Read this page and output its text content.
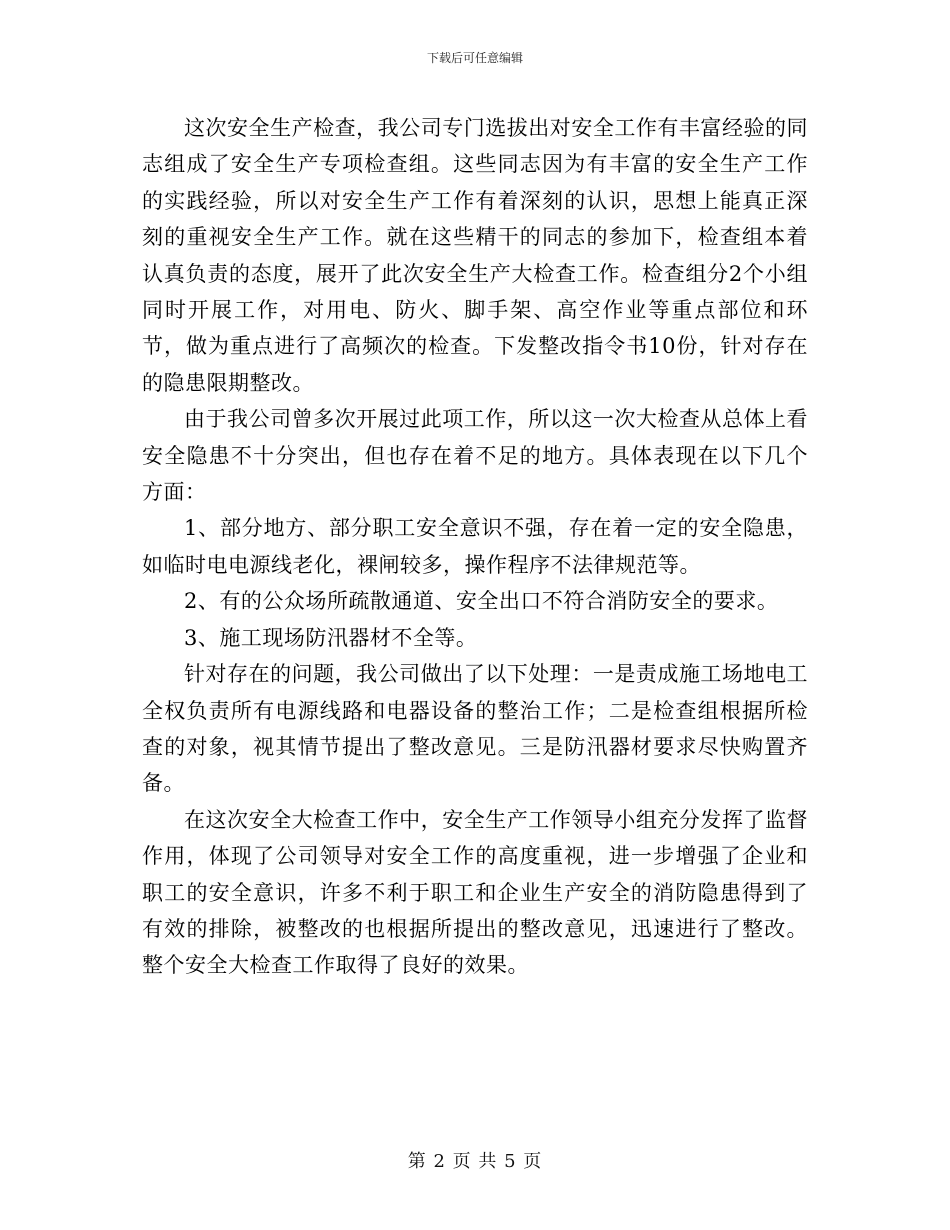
下载后可任意编辑

这次安全生产检查，我公司专门选拔出对安全工作有丰富经验的同志组成了安全生产专项检查组。这些同志因为有丰富的安全生产工作的实践经验，所以对安全生产工作有着深刻的认识，思想上能真正深刻的重视安全生产工作。就在这些精干的同志的参加下，检查组本着认真负责的态度，展开了此次安全生产大检查工作。检查组分2个小组同时开展工作，对用电、防火、脚手架、高空作业等重点部位和环节，做为重点进行了高频次的检查。下发整改指令书10份，针对存在的隐患限期整改。

由于我公司曾多次开展过此项工作，所以这一次大检查从总体上看安全隐患不十分突出，但也存在着不足的地方。具体表现在以下几个方面：

1、部分地方、部分职工安全意识不强，存在着一定的安全隐患，如临时电电源线老化，裸闸较多，操作程序不法律规范等。

2、有的公众场所疏散通道、安全出口不符合消防安全的要求。

3、施工现场防汛器材不全等。

针对存在的问题，我公司做出了以下处理：一是责成施工场地电工全权负责所有电源线路和电器设备的整治工作；二是检查组根据所检查的对象，视其情节提出了整改意见。三是防汛器材要求尽快购置齐备。

在这次安全大检查工作中，安全生产工作领导小组充分发挥了监督作用，体现了公司领导对安全工作的高度重视，进一步增强了企业和职工的安全意识，许多不利于职工和企业生产安全的消防隐患得到了有效的排除，被整改的也根据所提出的整改意见，迅速进行了整改。整个安全大检查工作取得了良好的效果。

第 2 页 共 5 页
